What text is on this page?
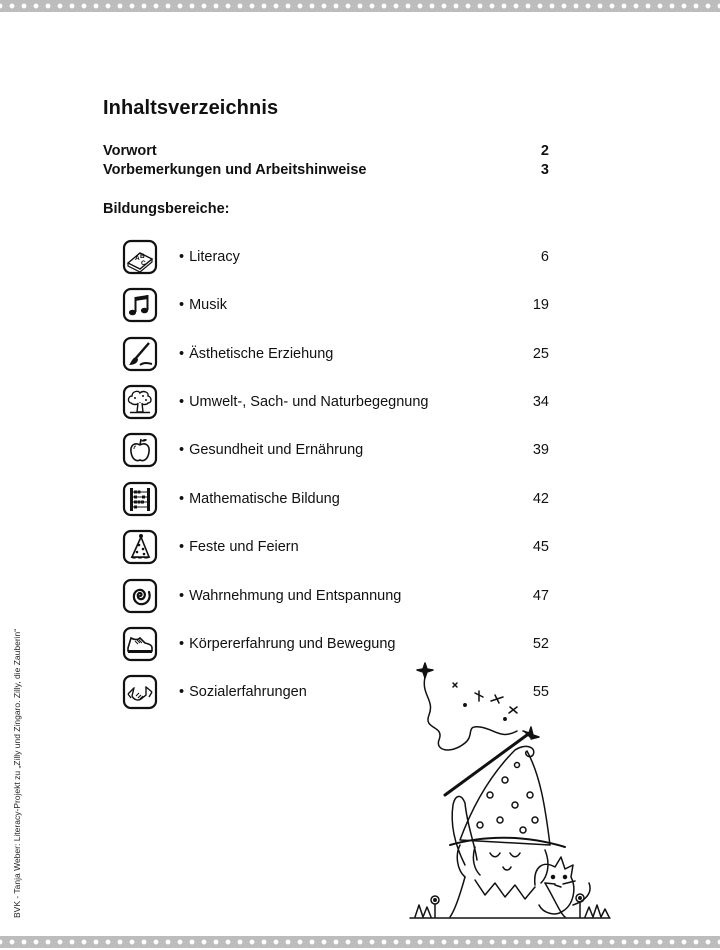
Inhaltsverzeichnis
Vorwort	2
Vorbemerkungen und Arbeitshinweise	3
Bildungsbereiche:
A B
C • Literacy	6
• Musik	19
• Ästhetische Erziehung	25
• Umwelt-, Sach- und Naturbegegnung	34
• Gesundheit und Ernährung	39
• Mathematische Bildung	42
• Feste und Feiern	45
• Wahrnehmung und Entspannung	47
• Körpererfahrung und Bewegung	52
• Sozialerfahrungen	55
BVK - Tanja Weber: Literacy-Projekt zu „Zilly und Zingaro. Zilly, die Zauberin“
